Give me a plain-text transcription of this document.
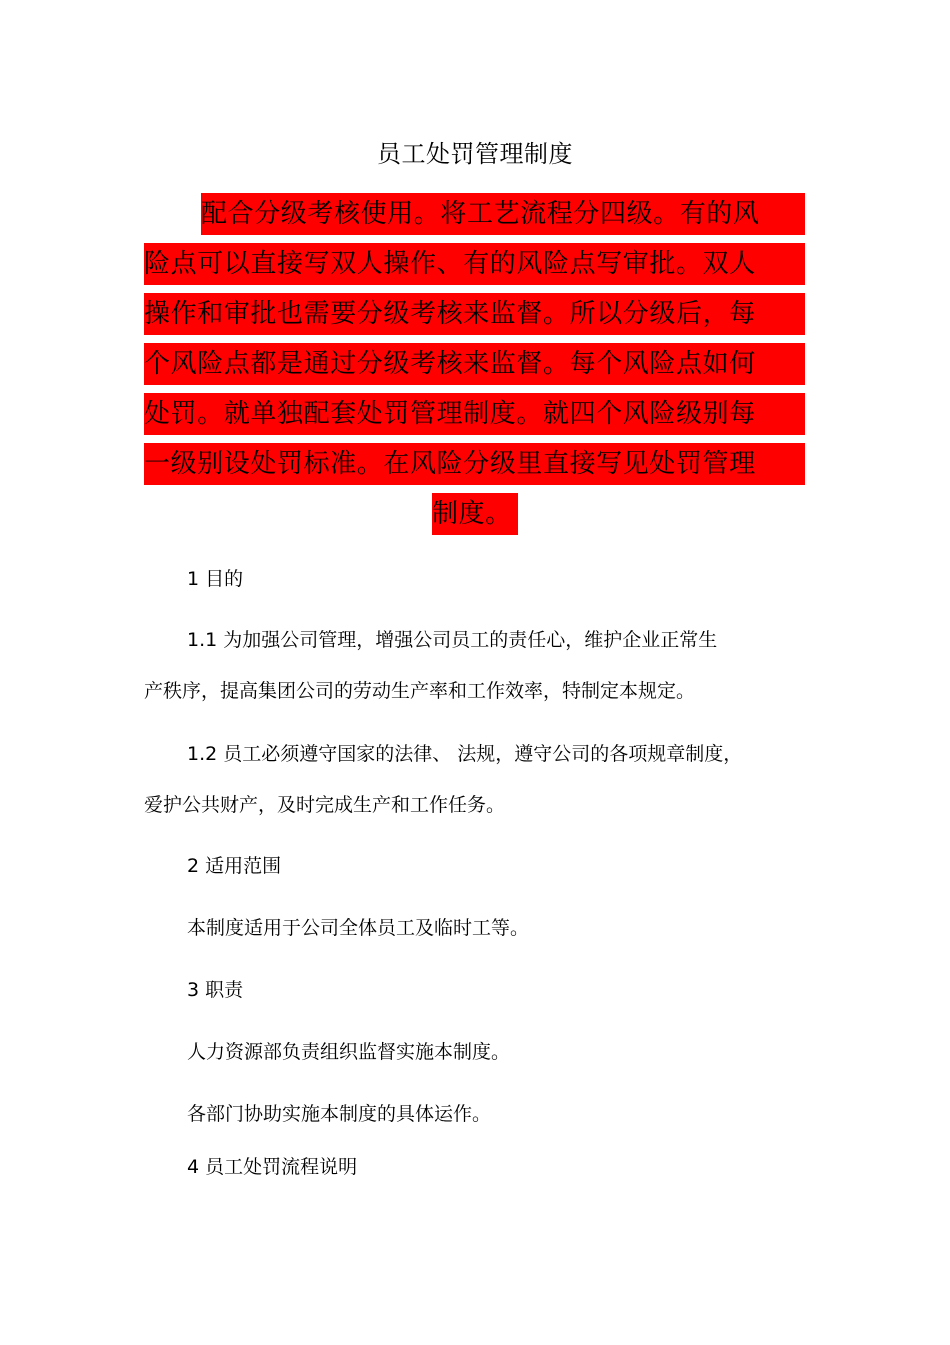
员工处罚管理制度
配合分级考核使用。将工艺流程分四级。有的风
险点可以直接写双人操作、有的风险点写审批。双人
操作和审批也需要分级考核来监督。所以分级后，每
个风险点都是通过分级考核来监督。每个风险点如何
处罚。就单独配套处罚管理制度。就四个风险级别每
一级别设处罚标准。在风险分级里直接写见处罚管理
制度。
1 目的
1.1 为加强公司管理，增强公司员工的责任心，维护企业正常生
产秩序，提高集团公司的劳动生产率和工作效率，特制定本规定。
1.2 员工必须遵守国家的法律、 法规，遵守公司的各项规章制度，
爱护公共财产，及时完成生产和工作任务。
2 适用范围
本制度适用于公司全体员工及临时工等。
3 职责
人力资源部负责组织监督实施本制度。
各部门协助实施本制度的具体运作。
4 员工处罚流程说明
